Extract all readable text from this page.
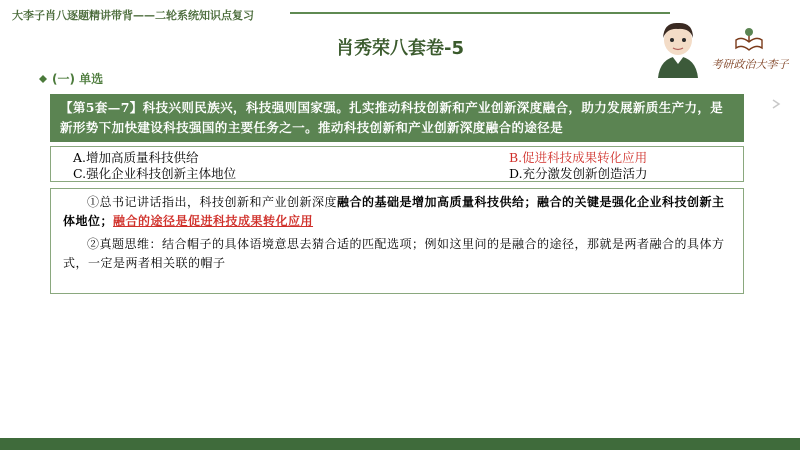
大李子肖八逐题精讲带背——二轮系统知识点复习
肖秀荣八套卷-5
考研政治大李子
(一) 单选
【第5套—7】科技兴则民族兴，科技强则国家强。扎实推动科技创新和产业创新深度融合，助力发展新质生产力，是新形势下加快建设科技强国的主要任务之一。推动科技创新和产业创新深度融合的途径是
A.增加高质量科技供给	B.促进科技成果转化应用
C.强化企业科技创新主体地位	D.充分激发创新创造活力

①总书记讲话指出，科技创新和产业创新深度融合的基础是增加高质量科技供给；融合的关键是强化企业科技创新主体地位；融合的途径是促进科技成果转化应用

②真题思维：结合帽子的具体语境意思去猜合适的匹配选项；例如这里问的是融合的途径，那就是两者融合的具体方式，一定是两者相关联的帽子
